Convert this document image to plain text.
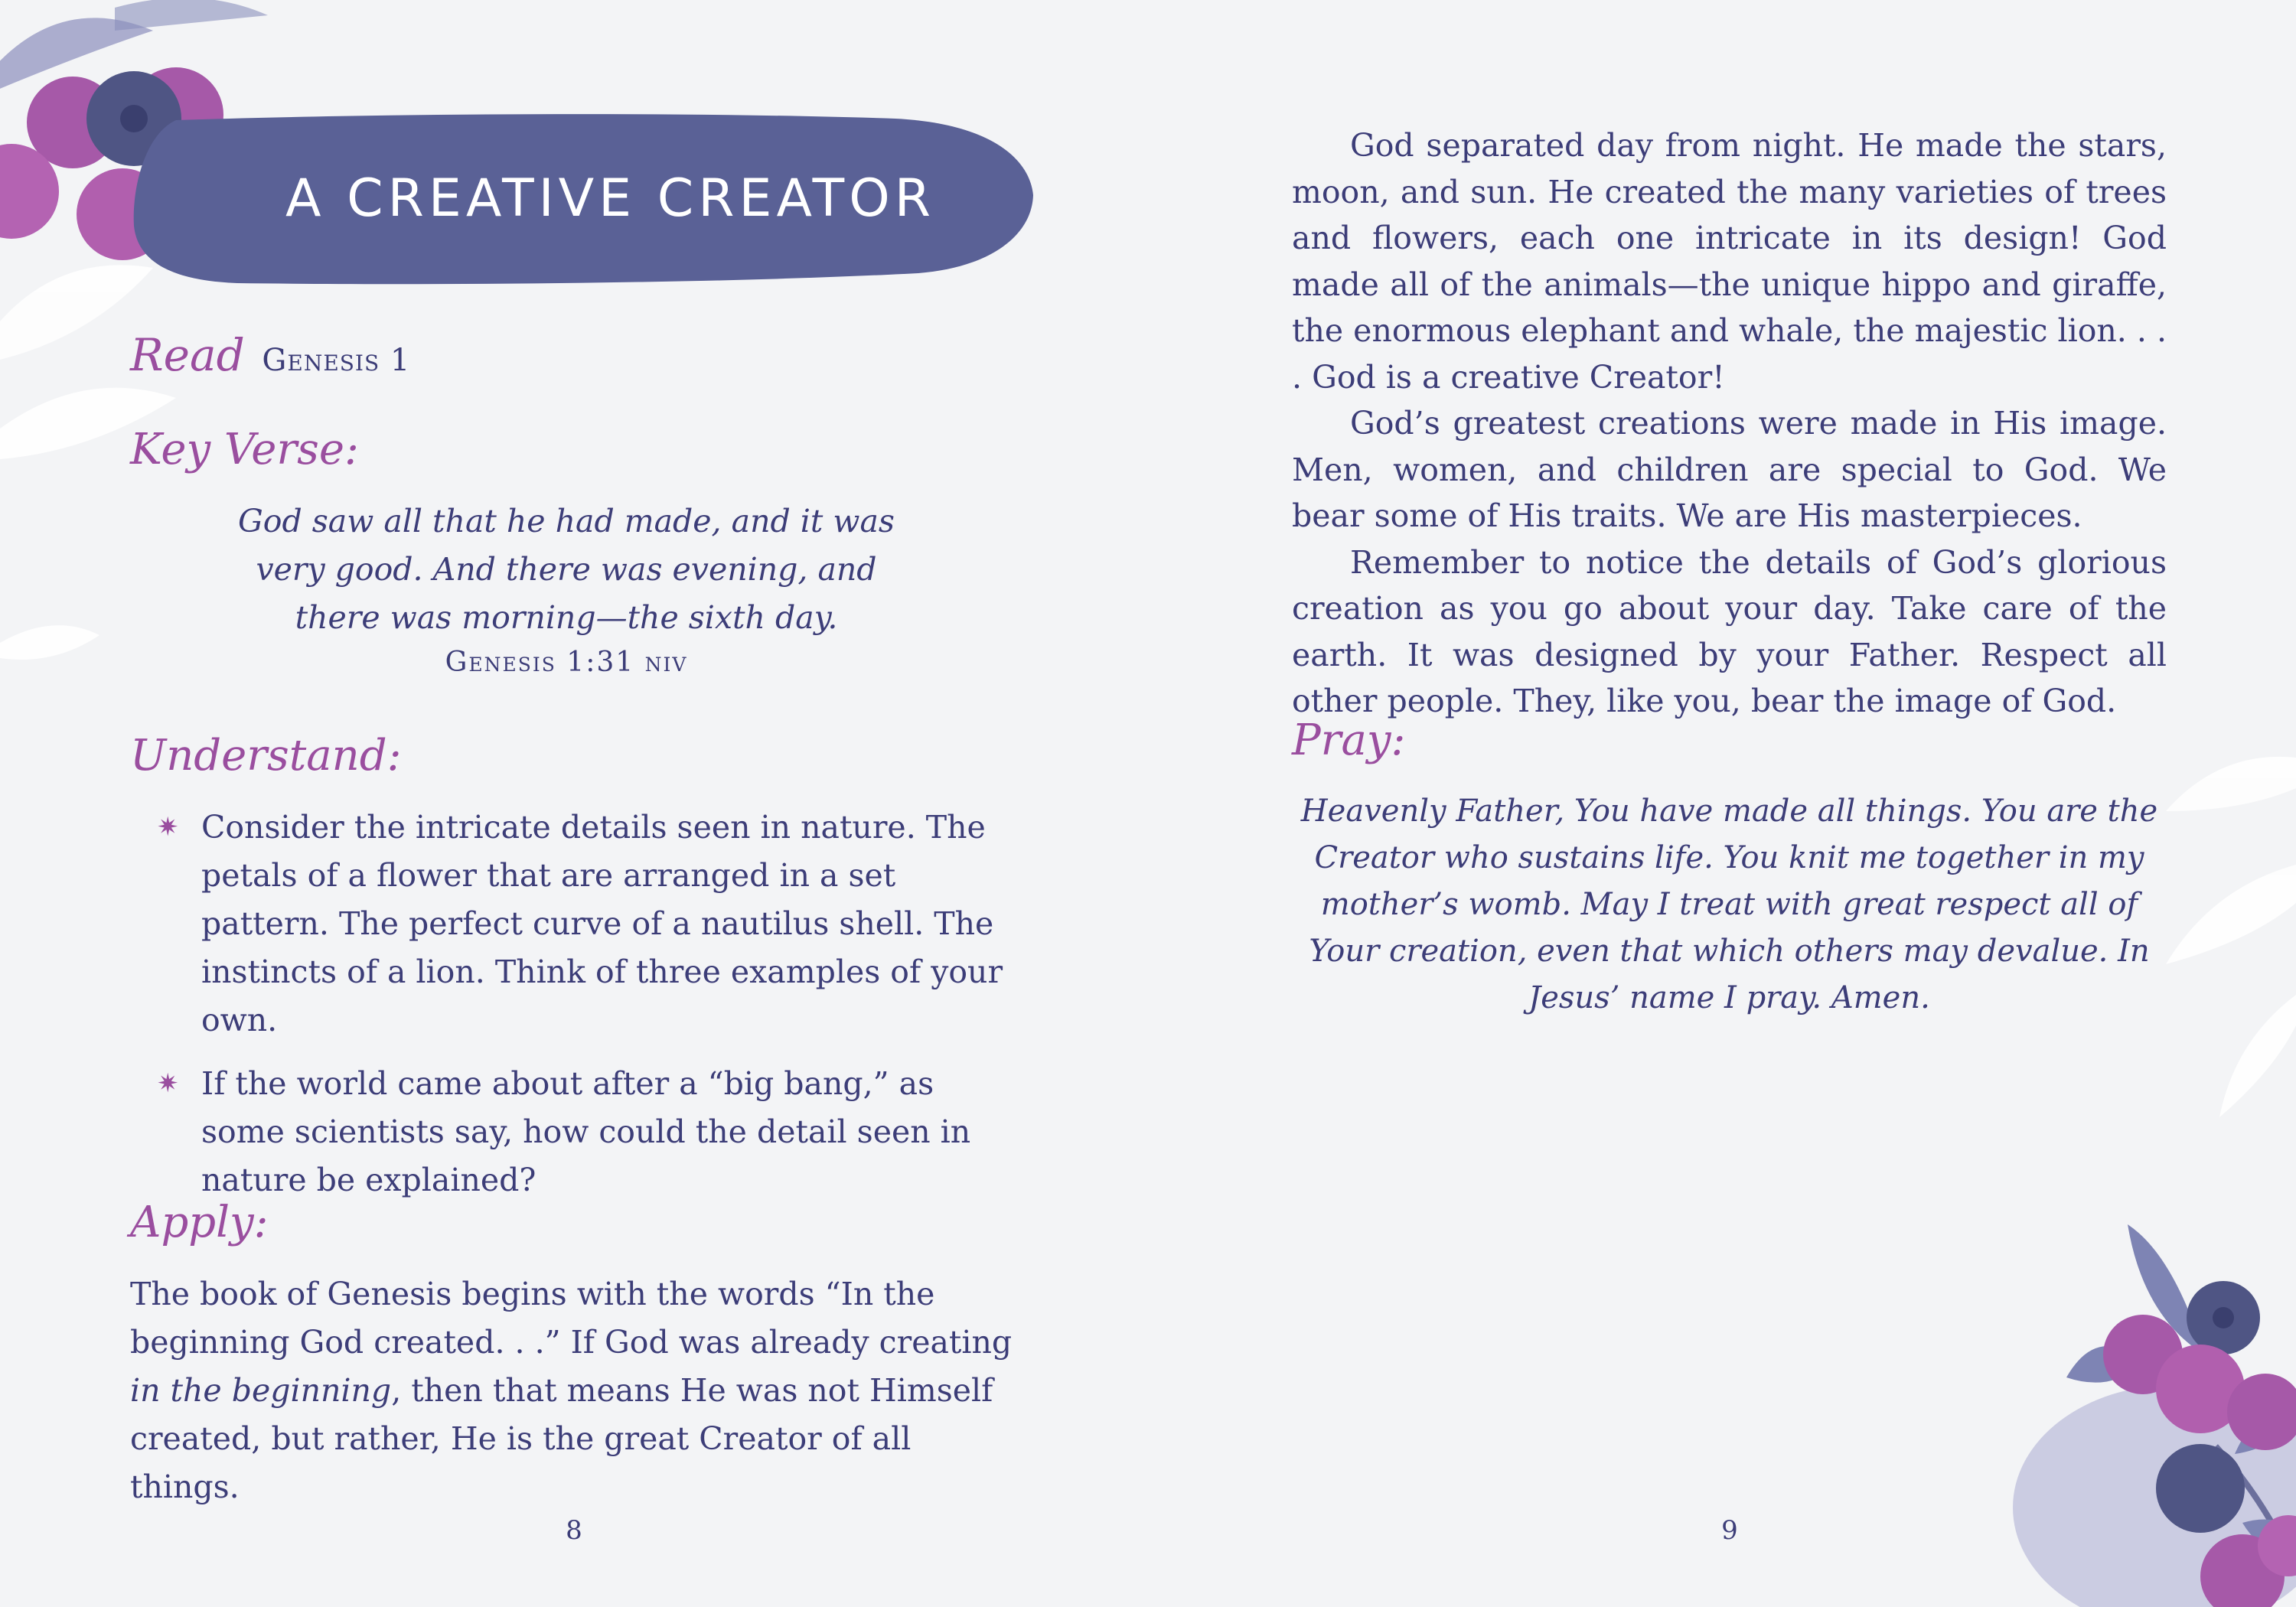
A CREATIVE CREATOR
Read Genesis 1
Key Verse:
God saw all that he had made, and it was very good. And there was evening, and there was morning—the sixth day.
Genesis 1:31 niv
Understand:
✷ Consider the intricate details seen in nature. The petals of a flower that are arranged in a set pattern. The perfect curve of a nautilus shell. The instincts of a lion. Think of three examples of your own.
✷ If the world came about after a “big bang,” as some scientists say, how could the detail seen in nature be explained?
Apply:

The book of Genesis begins with the words “In the beginning God created. . .” If God was already creating in the beginning, then that means He was not Himself created, but rather, He is the great Creator of all things.

8

God separated day from night. He made the stars, moon, and sun. He created the many varieties of trees and flowers, each one intricate in its design! God made all of the animals—the unique hippo and giraffe, the enormous elephant and whale, the majestic lion. . . . God is a creative Creator!

God’s greatest creations were made in His image. Men, women, and children are special to God. We bear some of His traits. We are His masterpieces.

Remember to notice the details of God’s glorious creation as you go about your day. Take care of the earth. It was designed by your Father. Respect all other people. They, like you, bear the image of God.

Pray:

Heavenly Father, You have made all things. You are the Creator who sustains life. You knit me together in my mother’s womb. May I treat with great respect all of Your creation, even that which others may devalue. In Jesus’ name I pray. Amen.

9
